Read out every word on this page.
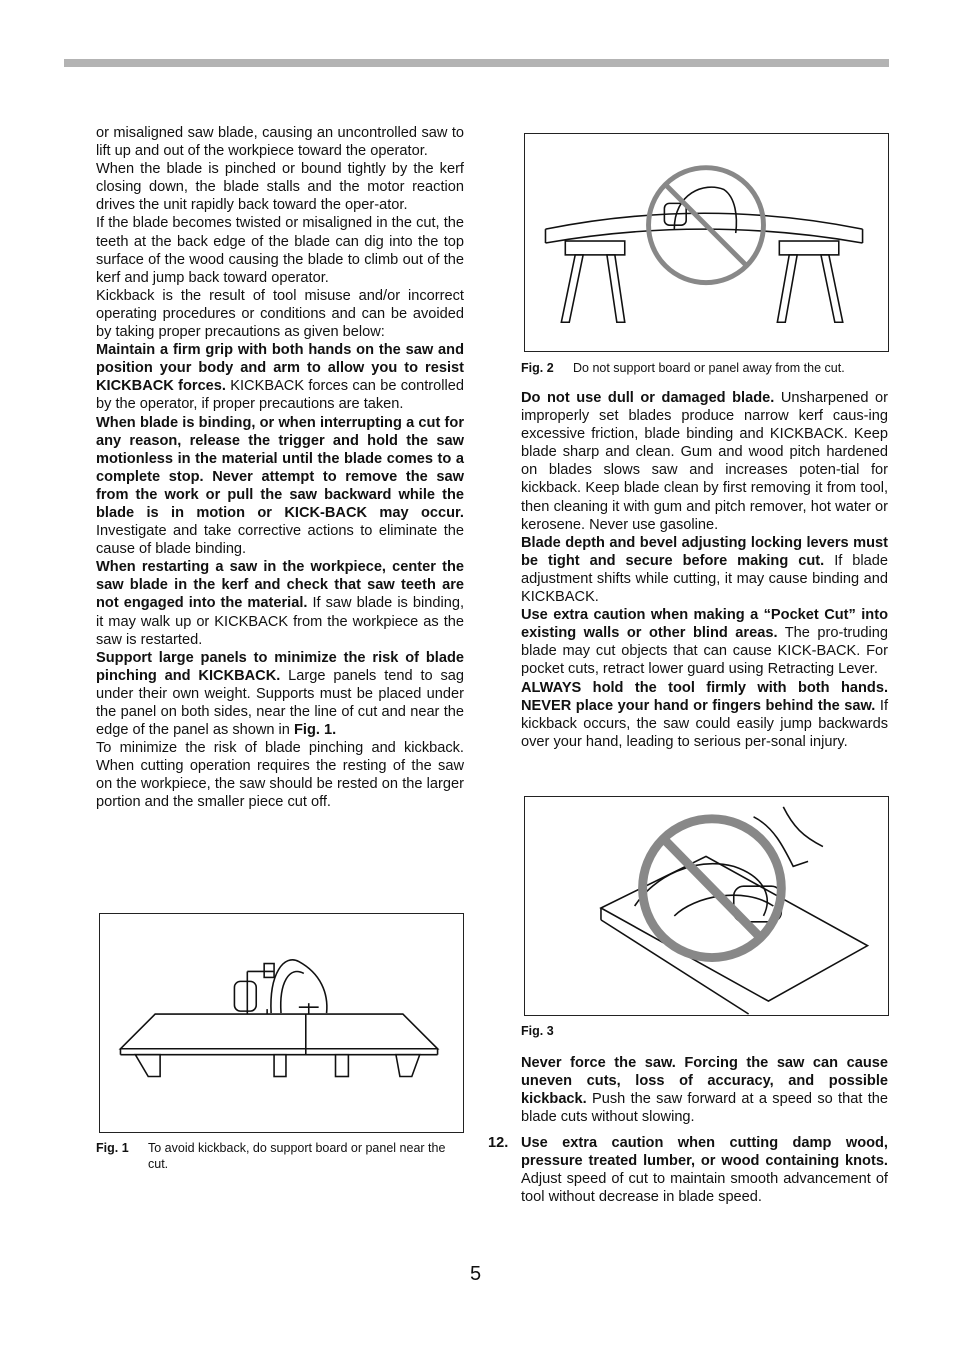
or misaligned saw blade, causing an uncontrolled saw to lift up and out of the workpiece toward the operator.

When the blade is pinched or bound tightly by the kerf closing down, the blade stalls and the motor reaction drives the unit rapidly back toward the oper-ator.

If the blade becomes twisted or misaligned in the cut, the teeth at the back edge of the blade can dig into the top surface of the wood causing the blade to climb out of the kerf and jump back toward operator.

Kickback is the result of tool misuse and/or incorrect operating procedures or conditions and can be avoided by taking proper precautions as given below:

Maintain a firm grip with both hands on the saw and position your body and arm to allow you to resist KICKBACK forces. KICKBACK forces can be controlled by the operator, if proper precautions are taken.

When blade is binding, or when interrupting a cut for any reason, release the trigger and hold the saw motionless in the material until the blade comes to a complete stop. Never attempt to remove the saw from the work or pull the saw backward while the blade is in motion or KICK-BACK may occur. Investigate and take corrective actions to eliminate the cause of blade binding.

When restarting a saw in the workpiece, center the saw blade in the kerf and check that saw teeth are not engaged into the material. If saw blade is binding, it may walk up or KICKBACK from the workpiece as the saw is restarted.

Support large panels to minimize the risk of blade pinching and KICKBACK. Large panels tend to sag under their own weight. Supports must be placed under the panel on both sides, near the line of cut and near the edge of the panel as shown in Fig. 1.

To minimize the risk of blade pinching and kickback. When cutting operation requires the resting of the saw on the workpiece, the saw should be rested on the larger portion and the smaller piece cut off.

Fig. 1 To avoid kickback, do support board or panel near the cut.
Fig. 2 Do not support board or panel away from the cut.

Do not use dull or damaged blade. Unsharpened or improperly set blades produce narrow kerf caus-ing excessive friction, blade binding and KICKBACK. Keep blade sharp and clean. Gum and wood pitch hardened on blades slows saw and increases poten-tial for kickback. Keep blade clean by first removing it from tool, then cleaning it with gum and pitch remover, hot water or kerosene. Never use gasoline.

Blade depth and bevel adjusting locking levers must be tight and secure before making cut. If blade adjustment shifts while cutting, it may cause binding and KICKBACK.

Use extra caution when making a “Pocket Cut” into existing walls or other blind areas. The pro-truding blade may cut objects that can cause KICK-BACK. For pocket cuts, retract lower guard using Retracting Lever.

ALWAYS hold the tool firmly with both hands. NEVER place your hand or fingers behind the saw. If kickback occurs, the saw could easily jump backwards over your hand, leading to serious per-sonal injury.

Fig. 3

Never force the saw. Forcing the saw can cause uneven cuts, loss of accuracy, and possible kickback. Push the saw forward at a speed so that the blade cuts without slowing.

12. Use extra caution when cutting damp wood, pressure treated lumber, or wood containing knots. Adjust speed of cut to maintain smooth advancement of tool without decrease in blade speed.
5
